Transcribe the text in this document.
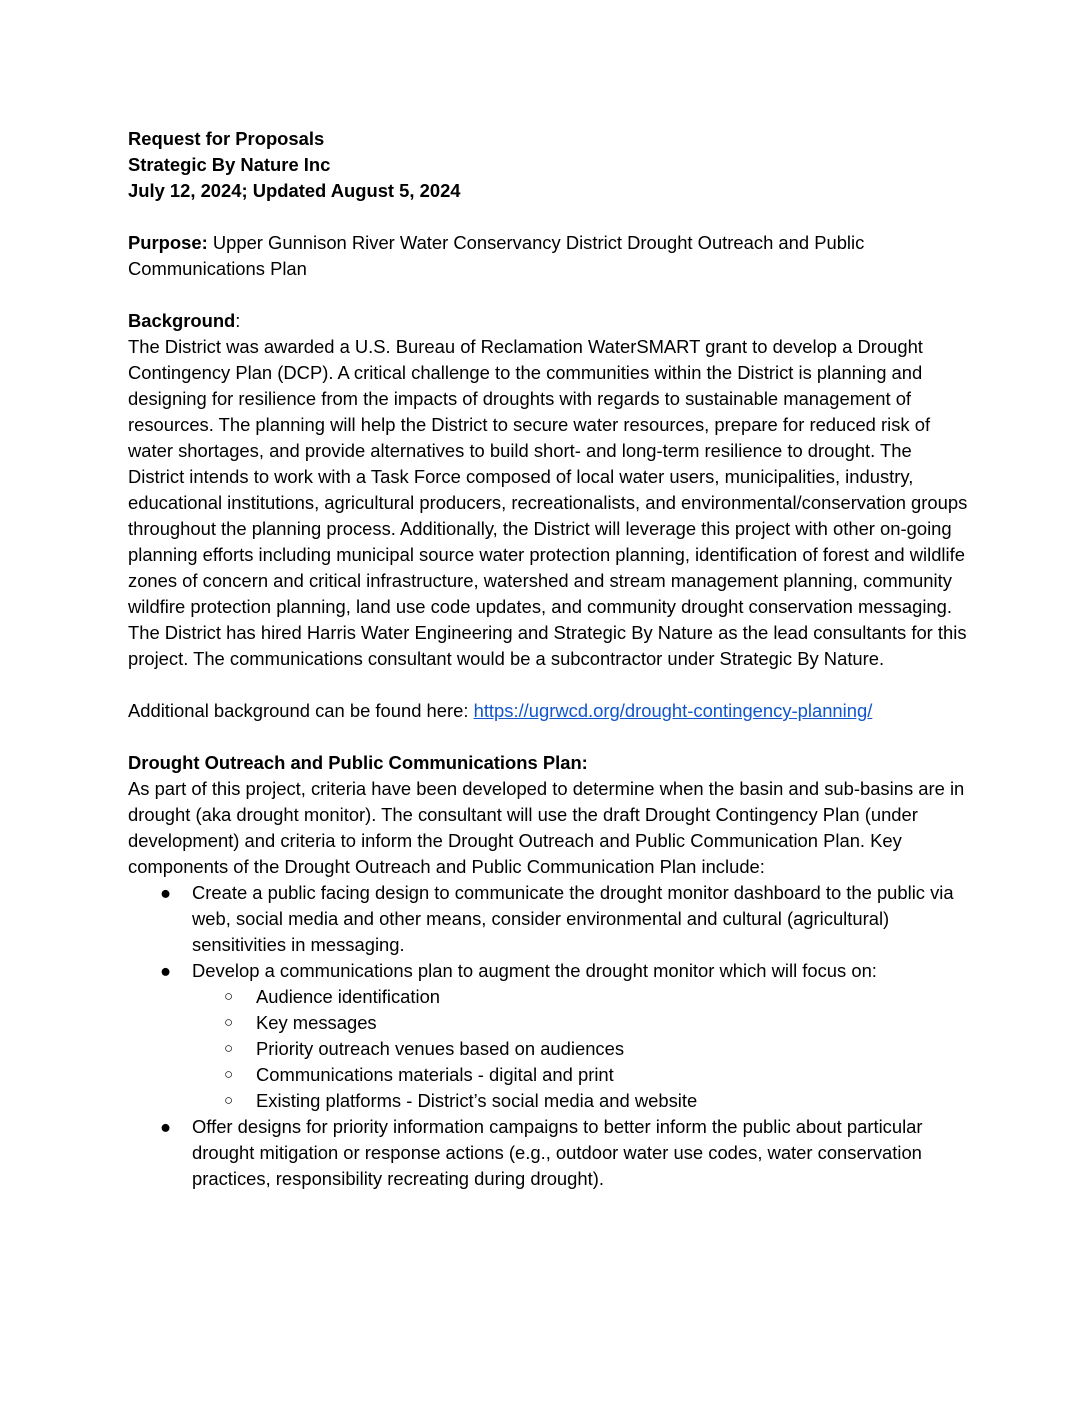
Request for Proposals
Strategic By Nature Inc
July 12, 2024; Updated August 5, 2024

Purpose: Upper Gunnison River Water Conservancy District Drought Outreach and Public Communications Plan

Background:

The District was awarded a U.S. Bureau of Reclamation WaterSMART grant to develop a Drought Contingency Plan (DCP). A critical challenge to the communities within the District is planning and designing for resilience from the impacts of droughts with regards to sustainable management of resources. The planning will help the District to secure water resources, prepare for reduced risk of water shortages, and provide alternatives to build short- and long-term resilience to drought. The District intends to work with a Task Force composed of local water users, municipalities, industry, educational institutions, agricultural producers, recreationalists, and environmental/conservation groups throughout the planning process. Additionally, the District will leverage this project with other on-going planning efforts including municipal source water protection planning, identification of forest and wildlife zones of concern and critical infrastructure, watershed and stream management planning, community wildfire protection planning, land use code updates, and community drought conservation messaging. The District has hired Harris Water Engineering and Strategic By Nature as the lead consultants for this project. The communications consultant would be a subcontractor under Strategic By Nature.

Additional background can be found here: https://ugrwcd.org/drought-contingency-planning/

Drought Outreach and Public Communications Plan:

As part of this project, criteria have been developed to determine when the basin and sub-basins are in drought (aka drought monitor). The consultant will use the draft Drought Contingency Plan (under development) and criteria to inform the Drought Outreach and Public Communication Plan. Key components of the Drought Outreach and Public Communication Plan include:

● Create a public facing design to communicate the drought monitor dashboard to the public via web, social media and other means, consider environmental and cultural (agricultural) sensitivities in messaging.
● Develop a communications plan to augment the drought monitor which will focus on:
○ Audience identification
○ Key messages
○ Priority outreach venues based on audiences
○ Communications materials - digital and print
○ Existing platforms - District’s social media and website
● Offer designs for priority information campaigns to better inform the public about particular drought mitigation or response actions (e.g., outdoor water use codes, water conservation practices, responsibility recreating during drought).
